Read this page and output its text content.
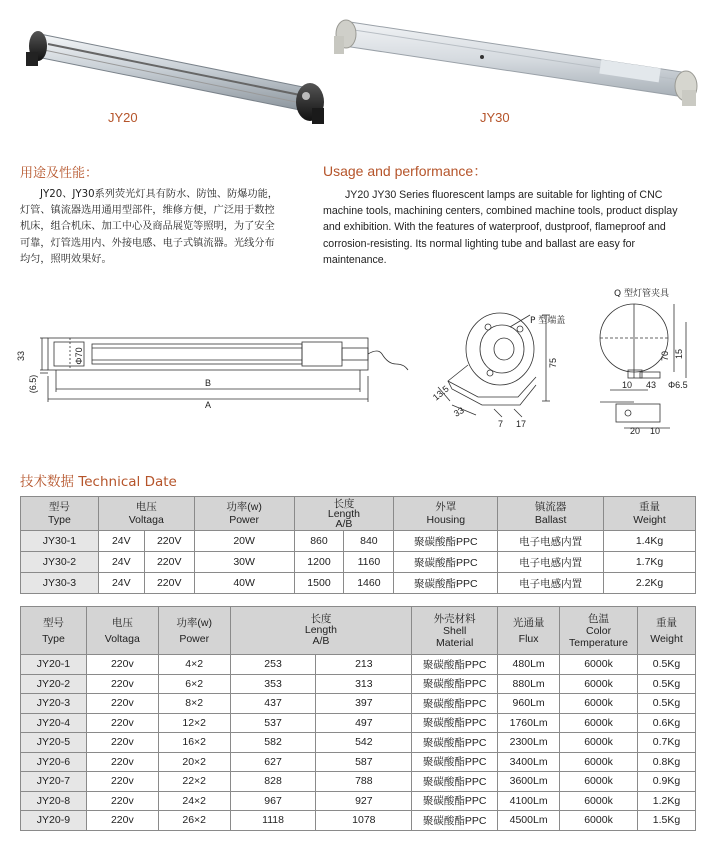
JY20	JY30
用途及性能：
JY20、JY30系列荧光灯具有防水、防蚀、防爆功能，
灯管、镇流器选用通用型部件，维修方便，广泛用于数控
机床，组合机床、加工中心及商品展览等照明，为了安全
可靠，灯管选用内、外接电感、电子式镇流器。光线分布
均匀，照明效果好。
Usage and performance：
JY20 JY30 Series fluorescent lamps are suitable for lighting of CNC
machine tools, machining centers, combined machine tools, product display
and exhibition. With the features of waterproof, dustproof, flameproof and
corrosion-resisting. Its normal lighting tube and ballast are easy for
maintenance.
Φ70
33
(6.5)	B
A
P 型端盖
75
13.5
33
7 17
Q 型灯管夹具
70 15
10 43 Φ6.5
20 10
技术数据 Technical Date
型号
Type	电压
Voltaga		功率(w)
Power	长度
Length
A/B		外罩
Housing	镇流器
Ballast	重量
Weight
JY30-1	24V	220V	20W	860	840	聚碳酸酯PPC	电子电感内置	1.4Kg
JY30-2	24V	220V	30W	1200	1160	聚碳酸酯PPC	电子电感内置	1.7Kg
JY30-3	24V	220V	40W	1500	1460	聚碳酸酯PPC	电子电感内置	2.2Kg
型号
Type	电压
Voltaga	功率(w)
Power	长度
Length
A/B		外壳材料
Shell
Material	光通量
Flux	色温
Color
Temperature	重量
Weight
JY20-1	220v	4×2	253	213	聚碳酸酯PPC	480Lm	6000k	0.5Kg
JY20-2	220v	6×2	353	313	聚碳酸酯PPC	880Lm	6000k	0.5Kg
JY20-3	220v	8×2	437	397	聚碳酸酯PPC	960Lm	6000k	0.5Kg
JY20-4	220v	12×2	537	497	聚碳酸酯PPC	1760Lm	6000k	0.6Kg
JY20-5	220v	16×2	582	542	聚碳酸酯PPC	2300Lm	6000k	0.7Kg
JY20-6	220v	20×2	627	587	聚碳酸酯PPC	3400Lm	6000k	0.8Kg
JY20-7	220v	22×2	828	788	聚碳酸酯PPC	3600Lm	6000k	0.9Kg
JY20-8	220v	24×2	967	927	聚碳酸酯PPC	4100Lm	6000k	1.2Kg
JY20-9	220v	26×2	1118	1078	聚碳酸酯PPC	4500Lm	6000k	1.5Kg
